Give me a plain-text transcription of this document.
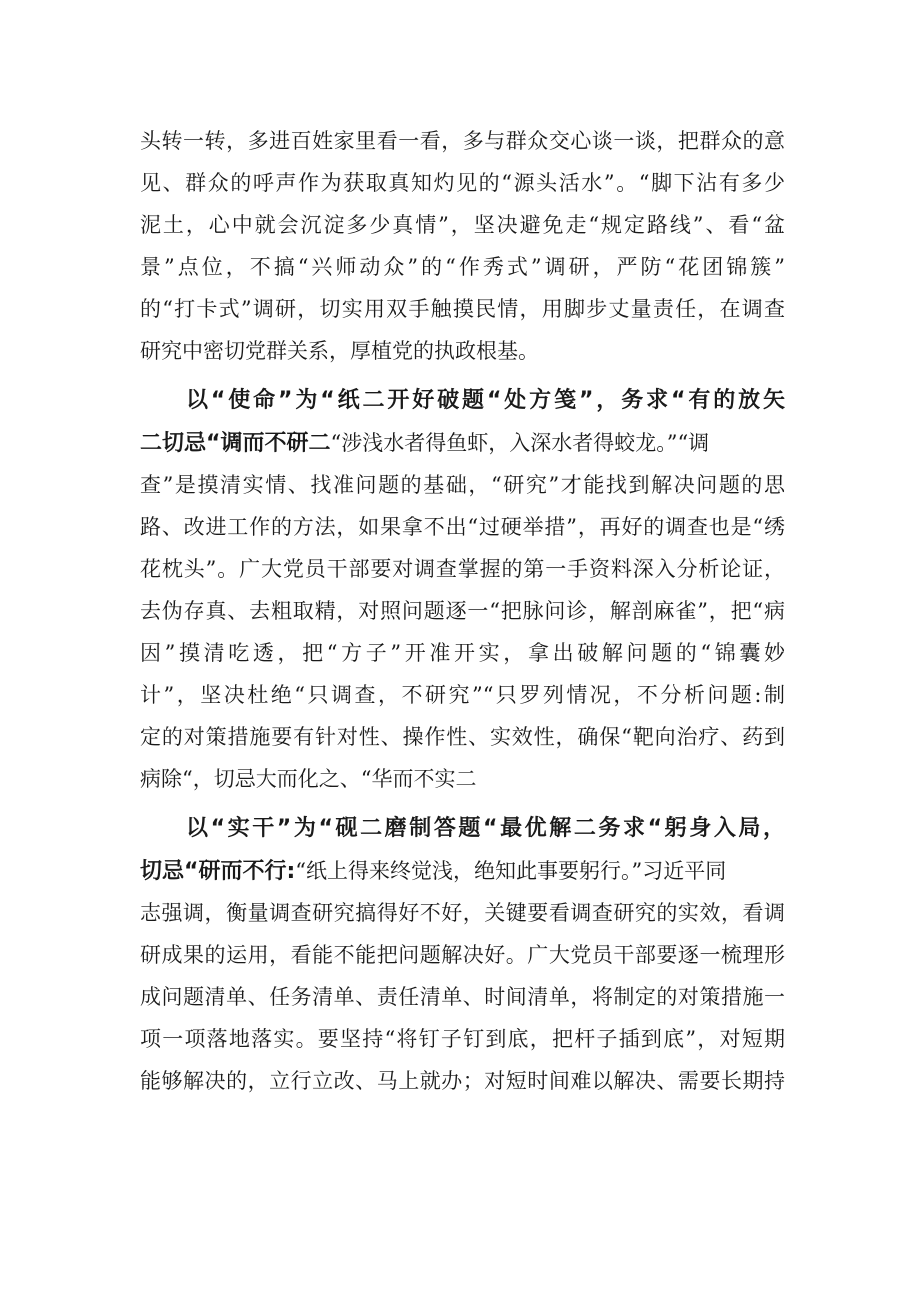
头转一转，多进百姓家里看一看，多与群众交心谈一谈，把群众的意
见、群众的呼声作为获取真知灼见的“源头活水”。“脚下沾有多少
泥土，心中就会沉淀多少真情”，坚决避免走“规定路线”、看“盆
景”点位，不搞“兴师动众”的“作秀式”调研，严防“花团锦簇”
的“打卡式”调研，切实用双手触摸民情，用脚步丈量责任，在调查
研究中密切党群关系，厚植党的执政根基。
以“使命”为“纸二开好破题“处方笺”，务求“有的放矢
二切忌“调而不研二“涉浅水者得鱼虾，入深水者得蛟龙。”“调
查”是摸清实情、找准问题的基础，“研究”才能找到解决问题的思
路、改进工作的方法，如果拿不出“过硬举措”，再好的调查也是“绣
花枕头”。广大党员干部要对调查掌握的第一手资料深入分析论证，
去伪存真、去粗取精，对照问题逐一“把脉问诊，解剖麻雀”，把“病
因”摸清吃透，把“方子”开准开实，拿出破解问题的“锦囊妙
计”，坚决杜绝“只调查，不研究”“只罗列情况，不分析问题:制
定的对策措施要有针对性、操作性、实效性，确保“靶向治疗、药到
病除“，切忌大而化之、“华而不实二
以“实干”为“砚二磨制答题“最优解二务求“躬身入局，
切忌“研而不行:“纸上得来终觉浅，绝知此事要躬行。”习近平同
志强调，衡量调查研究搞得好不好，关键要看调查研究的实效，看调
研成果的运用，看能不能把问题解决好。广大党员干部要逐一梳理形
成问题清单、任务清单、责任清单、时间清单，将制定的对策措施一
项一项落地落实。要坚持“将钉子钉到底，把杆子插到底”，对短期
能够解决的，立行立改、马上就办；对短时间难以解决、需要长期持
